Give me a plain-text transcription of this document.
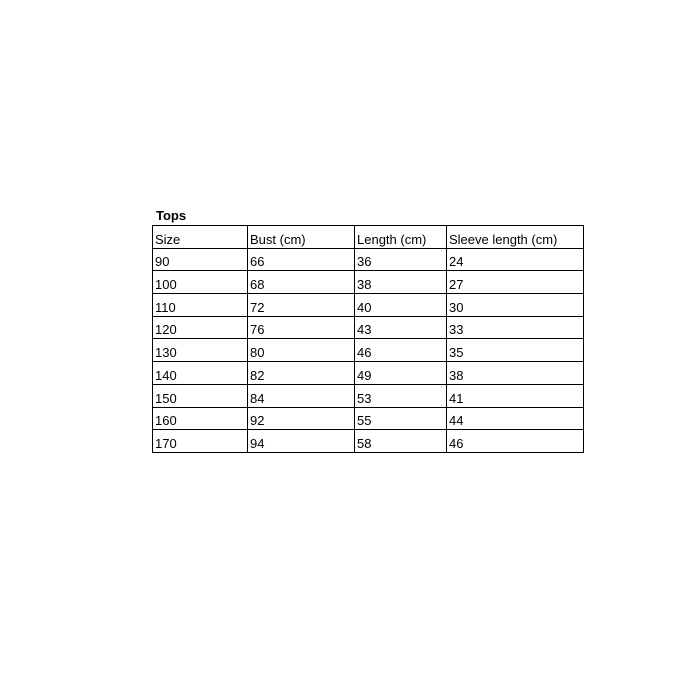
Tops
Size	Bust (cm)	Length (cm)	Sleeve length (cm)

90	66	36	24

100	68	38	27

110	72	40	30

120	76	43	33

130	80	46	35

140	82	49	38

150	84	53	41

160	92	55	44

170	94	58	46
